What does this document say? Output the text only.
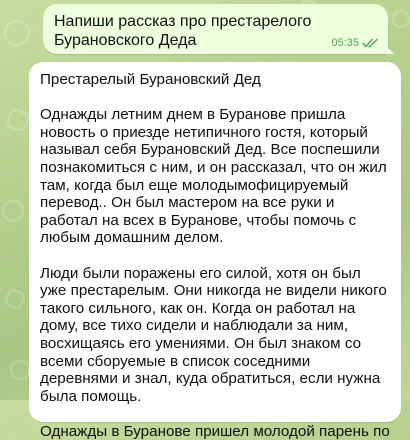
Напиши рассказ про престарелого Бурановского Деда	05:35

Престарелый Бурановский Дед

Однажды летним днем в Буранове пришла новость о приезде нетипичного гостя, который называл себя Бурановский Дед. Все поспешили познакомиться с ним, и он рассказал, что он жил там, когда был еще молодымофицируемый перевод.. Он был мастером на все руки и работал на всех в Буранове, чтобы помочь с любым домашним делом.

Люди были поражены его силой, хотя он был уже престарелым. Они никогда не видели никого такого сильного, как он. Когда он работал на дому, все тихо сидели и наблюдали за ним, восхищаясь его умениями. Он был знаком со всеми сборуемые в список соседними деревнями и знал, куда обратиться, если нужна была помощь.

Однажды в Буранове пришел молодой парень по
